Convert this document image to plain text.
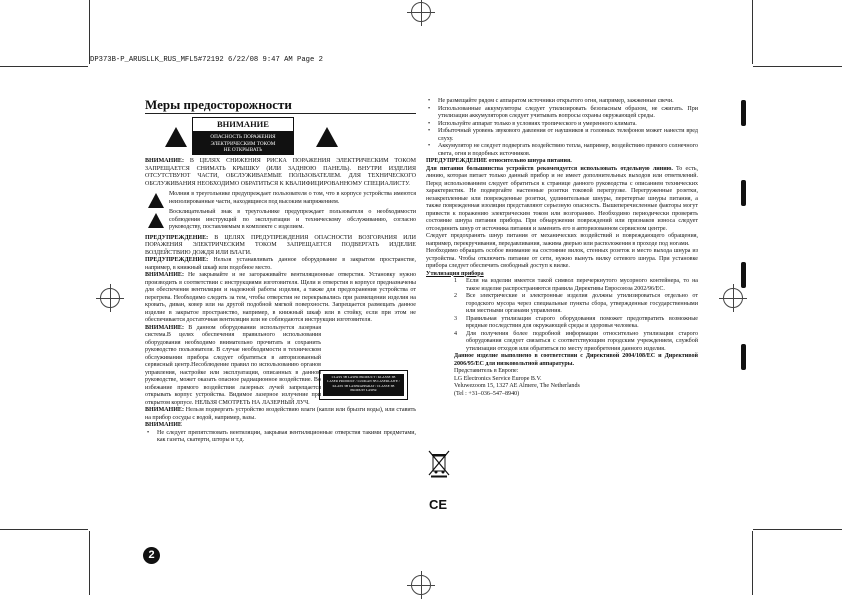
DP373B-P_ARUSLLK_RUS_MFL5#72192 6/22/08 9:47 AM Page 2
Меры предосторожности
ϟ
ВНИМАНИЕ
ОПАСНОСТЬ ПОРАЖЕНИЯ
ЭЛЕКТРИЧЕСКИМ ТОКОМ
НЕ ОТКРЫВАТЬ
!

ВНИМАНИЕ: В ЦЕЛЯХ СНИЖЕНИЯ РИСКА ПОРАЖЕНИЯ ЭЛЕКТРИЧЕСКИМ ТОКОМ ЗАПРЕЩАЕТСЯ СНИМАТЬ КРЫШКУ (ИЛИ ЗАДНЮЮ ПАНЕЛЬ). ВНУТРИ ИЗДЕЛИЯ ОТСУТСТВУЮТ ЧАСТИ, ОБСЛУЖИВАЕМЫЕ ПОЛЬЗОВАТЕЛЕМ. ДЛЯ ТЕХНИЧЕСКОГО ОБСЛУЖИВАНИЯ НЕОБХОДИМО ОБРАТИТЬСЯ К КВАЛИФИЦИРОВАННОМУ СПЕЦИАЛИСТУ.

ϟ

Молния в треугольнике предупреждает пользователя о том, что в корпусе устройства имеются неизолированные части, находящиеся под высоким напряжением.

!

Восклицательный знак в треугольнике предупреждает пользователя о необходимости соблюдения инструкций по эксплуатации и техническому обслуживанию, согласно руководству, поставляемым в комплекте с изделием.

ПРЕДУПРЕЖДЕНИЕ: В ЦЕЛЯХ ПРЕДУПРЕЖДЕНИЯ ОПАСНОСТИ ВОЗГОРАНИЯ ИЛИ ПОРАЖЕНИЯ ЭЛЕКТРИЧЕСКИМ ТОКОМ ЗАПРЕЩАЕТСЯ ПОДВЕРГАТЬ ИЗДЕЛИЕ ВОЗДЕЙСТВИЮ ДОЖДЯ ИЛИ ВЛАГИ.

ПРЕДУПРЕЖДЕНИЕ: Нельзя устанавливать данное оборудование в закрытом пространстве, например, в книжный шкаф или подобное место.

ВНИМАНИЕ: Не закрывайте и не загораживайте вентиляционные отверстия. Установку нужно производить в соответствии с инструкциями изготовителя. Щели и отверстия в корпусе предназначены для обеспечения вентиляции и надежной работы изделия, а также для предохранения устройства от перегрева. Необходимо следить за тем, чтобы отверстия не перекрывались при размещении изделия на кровать, диван, ковер или на другой подобной мягкой поверхности. Запрещается размещать данное изделие в закрытое пространство, например, в книжный шкаф или в стойку, если при этом не обеспечивается достаточная вентиляция или не соблюдаются инструкции изготовителя.

ВНИМАНИЕ: В данном оборудовании используется лазерная система.В целях обеспечения правильного использования оборудования необходимо внимательно прочитать и сохранить руководство пользователя. В случае необходимости в техническом обслуживании прибора следует обратиться в авторизованный сервисный центр.Несоблюдение правил по использованию органов управления, настройке или эксплуатации, описанных в данном руководстве, может оказать опасное радиационное воздействие. Во избежание прямого воздействия лазерных лучей запрещается открывать корпус устройства. Видимое лазерное излучение при открытом корпусе. НЕЛЬЗЯ СМОТРЕТЬ НА ЛАЗЕРНЫЙ ЛУЧ.

ВНИМАНИЕ: Нельзя подвергать устройство воздействию влаги (капли или брызги воды), или ставить на прибор сосуды с водой, например, вазы.

ВНИМАНИЕ

• Не следует препятствовать вентиляции, закрывая вентиляционные отверстия такими предметами, как газеты, скатерти, шторы и т.д.

CLASS 3B LASER PRODUCT / KLASSE 3B LASER PRODUKT / LUOKAN 3B LASERLAITE / KLASS 3B LASERAPPARAT / CLASSE 3B PRODUIT LASER
2

• Не размещайте рядом с аппаратом источники открытого огня, например, зажженные свечи.

• Использованные аккумуляторы следует утилизировать безопасным образом, не сжигать. При утилизации аккумуляторов следует учитывать вопросы охраны окружающей среды.

• Используйте аппарат только в условиях тропического и умеренного климата.

• Избыточный уровень звукового давления от наушников и головных телефонов может нанести вред слуху.

• Аккумулятор не следует подвергать воздействию тепла, например, воздействию прямого солнечного света, огня и подобных источников.

ПРЕДУПРЕЖДЕНИЕ относительно шнура питания.

Для питания большинства устройств рекомендуется использовать отдельную линию. То есть, линию, которая питает только данный прибор и не имеет дополнительных выходов или ответвлений. Перед использованием следует обратиться к странице данного руководства с описанием технических характеристик. Не подвергайте настенные розетки токовой перегрузке. Перегруженные розетки, незакрепленные или поврежденные розетки, удлинительные шнуры, перетертые шнуры питания, а также поврежденная изоляция представляют серьезную опасность. Вышеперечисленные факторы могут привести к поражению электрическим током или возгоранию. Необходимо периодически проверять состояние шнура питания прибора. При обнаружении повреждений или признаков износа следует отсоединить шнур от источника питания и заменить его в авторизованном сервисном центре.

Следует предохранять шнур питания от механических воздействий и повреждающего обращения, например, перекручивания, передавливания, зажима дверью или расположения в проходе под ногами.

Необходимо обращать особое внимание на состояние вилок, стенных розеток и место выхода шнура из устройства. Чтобы отключить питание от сети, нужно вынуть вилку сетевого шнура. При установке прибора следует обеспечить свободный доступ к вилке.

Утилизация прибора

1 Если на изделии имеется такой символ перечеркнутого мусорного контейнера, то на такое изделие распространяются правила Директивы Евросоюза 2002/96/EC.
2 Все электрические и электронные изделия должны утилизироваться отдельно от городского мусора через специальные пункты сбора, утвержденные государственными или местными органами управления.
3 Правильная утилизация старого оборудования поможет предотвратить возможные вредные последствия для окружающей среды и здоровья человека.
4 Для получения более подробной информации относительно утилизации старого оборудования следует связаться с соответствующим городским учреждением, службой утилизации отходов или обратиться по месту приобретения данного изделия.

Данное изделие выполнено в соответствии с Директивой 2004/108/EC и Директивой 2006/95/EC для низковольтной аппаратуры.

Представитель в Европе:

LG Electronics Service Europe B.V.

Veluwezoom 15, 1327 AE Almere, The Netherlands

(Tel : +31–036–547–8940)

CE
